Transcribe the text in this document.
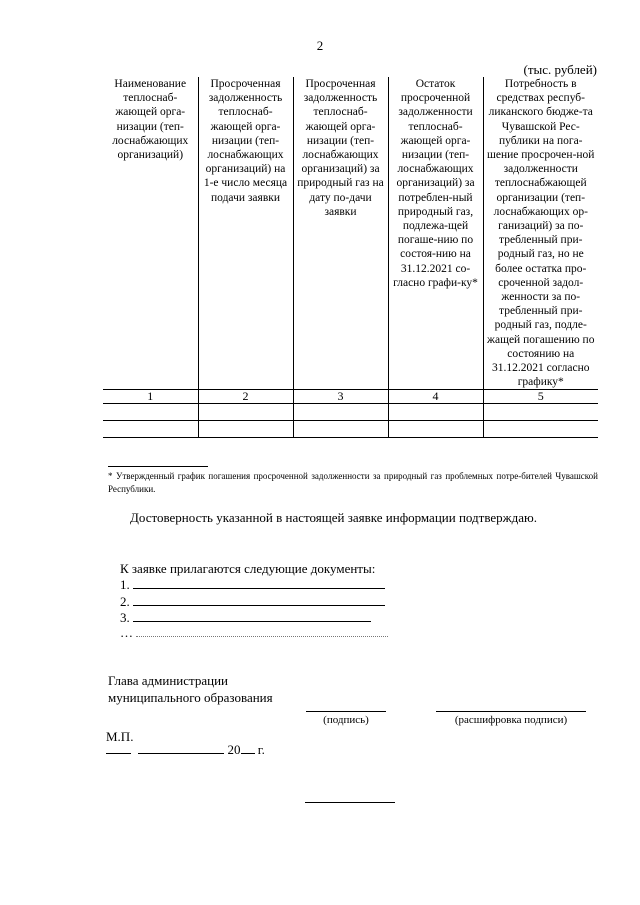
2
(тыс. рублей)
Наименование теплоснаб-жающей орга-низации (теп-лоснабжающих организаций)	Просроченная задолженность теплоснаб-жающей орга-низации (теп-лоснабжающих организаций) на 1-е число месяца подачи заявки	Просроченная задолженность теплоснаб-жающей орга-низации (теп-лоснабжающих организаций) за природный газ на дату по-дачи заявки	Остаток просроченной задолженности теплоснаб-жающей орга-низации (теп-лоснабжающих организаций) за потреблен-ный природный газ, подлежа-щей погаше-нию по состоя-нию на 31.12.2021 со-гласно графи-ку*	Потребность в средствах респуб-ликанского бюдже-та Чувашской Рес-публики на пога-шение просрочен-ной задолженности теплоснабжающей организации (теп-лоснабжающих ор-ганизаций) за по-требленный при-родный газ, но не более остатка про-сроченной задол-женности за по-требленный при-родный газ, подле-жащей погашению по состоянию на 31.12.2021 согласно графику*
1	2	3	4	5

* Утвержденный график погашения просроченной задолженности за природный газ проблемных потре-бителей Чувашской Республики.
Достоверность указанной в настоящей заявке информации подтверждаю.
К заявке прилагаются следующие документы:
1.
2.
3.
…
Глава администрации
муниципального образования
(подпись)	(расшифровка подписи)
М.П.
20 г.
